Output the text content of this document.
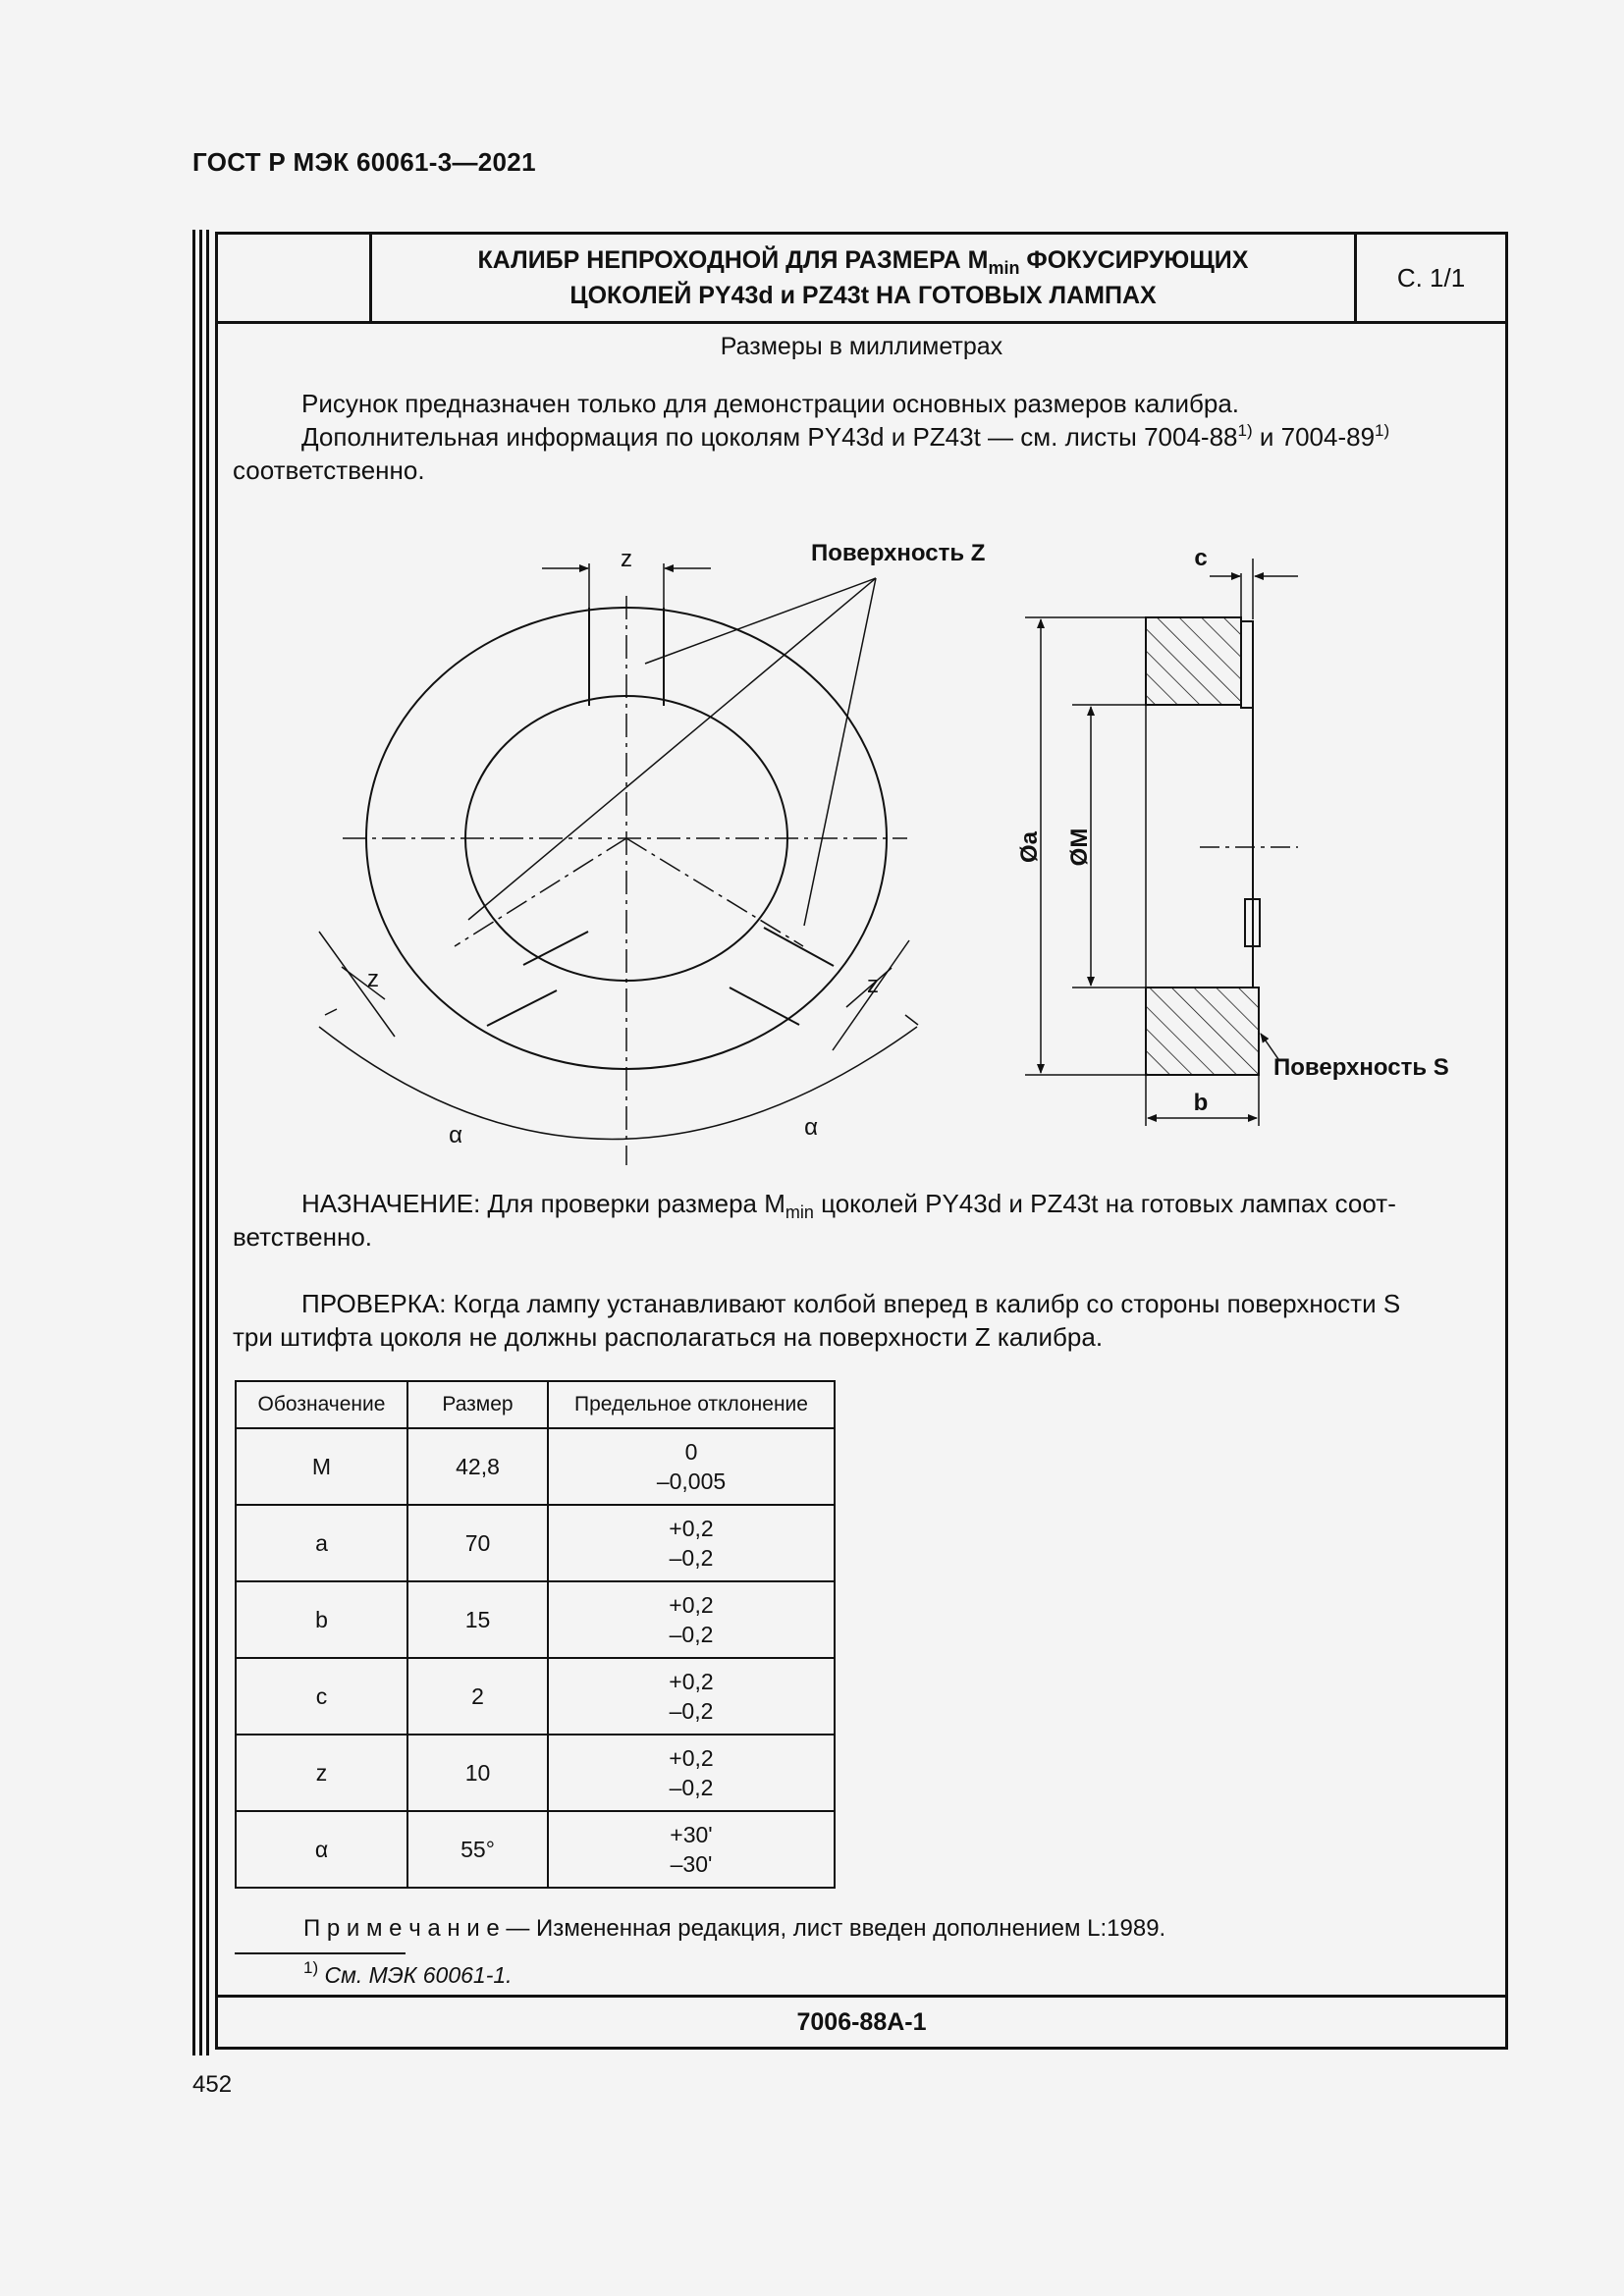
ГОСТ Р МЭК 60061-3—2021
КАЛИБР НЕПРОХОДНОЙ ДЛЯ РАЗМЕРА $M_{min}$ ФОКУСИРУЮЩИХ
ЦОКОЛЕЙ PY43d и PZ43t НА ГОТОВЫХ ЛАМПАХ
С. 1/1
Размеры в миллиметрах
Рисунок предназначен только для демонстрации основных размеров калибра.
Дополнительная информация по цоколям PY43d и PZ43t — см. листы 7004-88$^{1)}$ и 7004-89$^{1)}$
соответственно.
z	Поверхность Z
z	z
α	α
c
b
Поверхность S
Øa ØM
НАЗНАЧЕНИЕ: Для проверки размера $M_{min}$ цоколей PY43d и PZ43t на готовых лампах соот-
ветственно.
ПРОВЕРКА: Когда лампу устанавливают колбой вперед в калибр со стороны поверхности S
три штифта цоколя не должны располагаться на поверхности Z калибра.
Обозначение	Размер	Предельное отклонение
M	42,8	0
–0,005

a	70	+0,2
–0,2

b	15	+0,2
–0,2

c	2	+0,2
–0,2

z	10	+0,2
–0,2

α	55°	+30'
–30'
П р и м е ч а н и е — Измененная редакция, лист введен дополнением L:1989.
$^{1)}$ См. МЭК 60061-1.
7006-88A-1
452
